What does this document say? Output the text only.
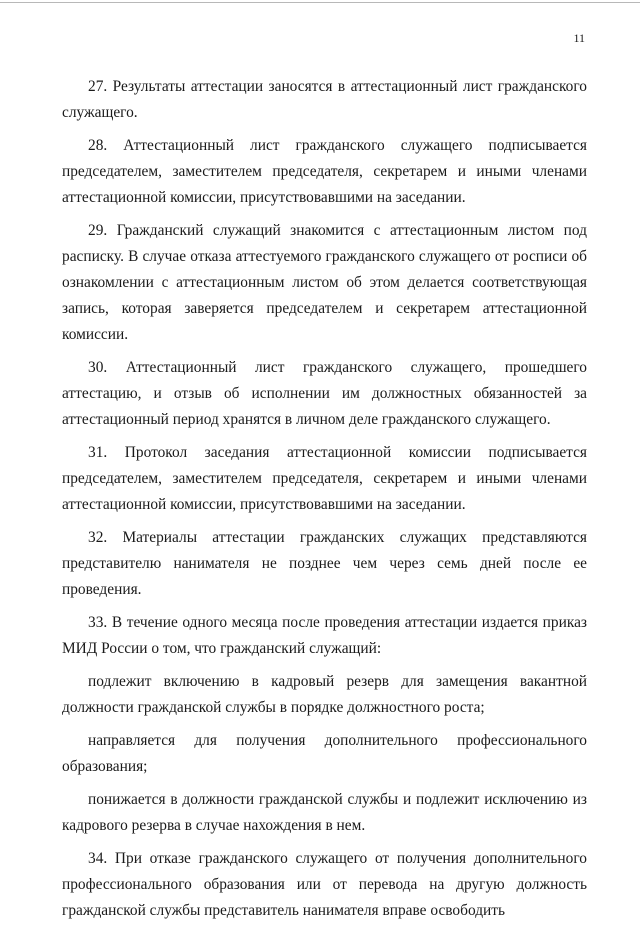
11

27. Результаты аттестации заносятся в аттестационный лист гражданского служащего.

28. Аттестационный лист гражданского служащего подписывается председателем, заместителем председателя, секретарем и иными членами аттестационной комиссии, присутствовавшими на заседании.

29. Гражданский служащий знакомится с аттестационным листом под расписку. В случае отказа аттестуемого гражданского служащего от росписи об ознакомлении с аттестационным листом об этом делается соответствующая запись, которая заверяется председателем и секретарем аттестационной комиссии.

30. Аттестационный лист гражданского служащего, прошедшего аттестацию, и отзыв об исполнении им должностных обязанностей за аттестационный период хранятся в личном деле гражданского служащего.

31. Протокол заседания аттестационной комиссии подписывается председателем, заместителем председателя, секретарем и иными членами аттестационной комиссии, присутствовавшими на заседании.

32. Материалы аттестации гражданских служащих представляются представителю нанимателя не позднее чем через семь дней после ее проведения.

33. В течение одного месяца после проведения аттестации издается приказ МИД России о том, что гражданский служащий:

подлежит включению в кадровый резерв для замещения вакантной должности гражданской службы в порядке должностного роста;

направляется для получения дополнительного профессионального образования;

понижается в должности гражданской службы и подлежит исключению из кадрового резерва в случае нахождения в нем.

34. При отказе гражданского служащего от получения дополнительного профессионального образования или от перевода на другую должность гражданской службы представитель нанимателя вправе освободить
